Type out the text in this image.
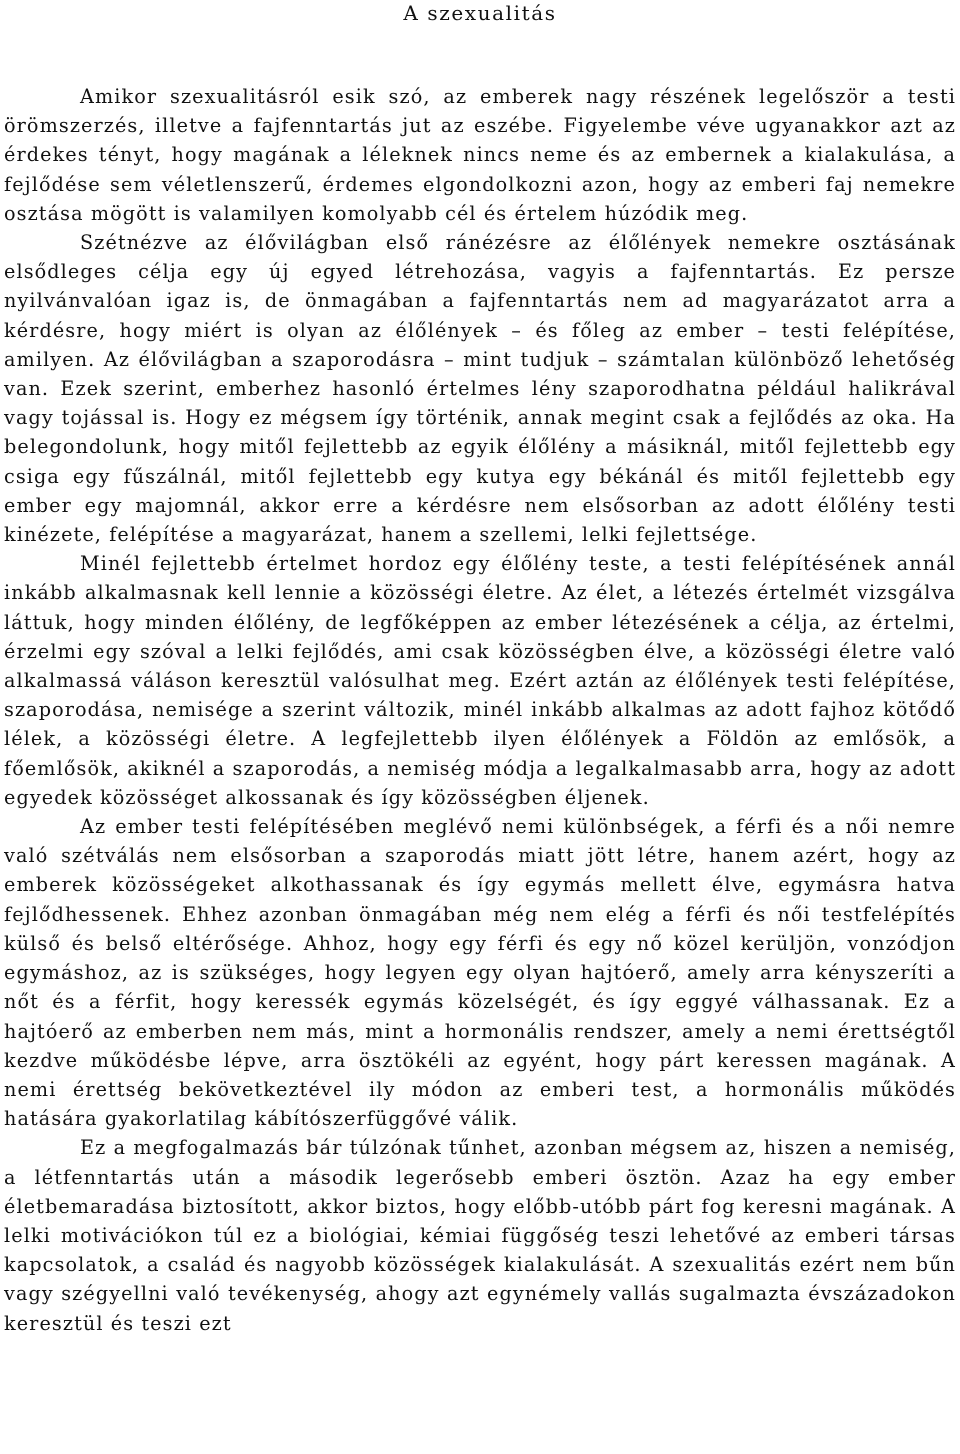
A szexualitás

Amikor szexualitásról esik szó, az emberek nagy részének legelőször a testi örömszerzés, illetve a fajfenntartás jut az eszébe. Figyelembe véve ugyanakkor azt az érdekes tényt, hogy magának a léleknek nincs neme és az embernek a kialakulása, a fejlődése sem véletlenszerű, érdemes elgondolkozni azon, hogy az emberi faj nemekre osztása mögött is valamilyen komolyabb cél és értelem húzódik meg.

Szétnézve az élővilágban első ránézésre az élőlények nemekre osztásának elsődleges célja egy új egyed létrehozása, vagyis a fajfenntartás. Ez persze nyilvánvalóan igaz is, de önmagában a fajfenntartás nem ad magyarázatot arra a kérdésre, hogy miért is olyan az élőlények – és főleg az ember – testi felépítése, amilyen. Az élővilágban a szaporodásra – mint tudjuk – számtalan különböző lehetőség van. Ezek szerint, emberhez hasonló értelmes lény szaporodhatna például halikrával vagy tojással is. Hogy ez mégsem így történik, annak megint csak a fejlődés az oka. Ha belegondolunk, hogy mitől fejlettebb az egyik élőlény a másiknál, mitől fejlettebb egy csiga egy fűszálnál, mitől fejlettebb egy kutya egy békánál és mitől fejlettebb egy ember egy majomnál, akkor erre a kérdésre nem elsősorban az adott élőlény testi kinézete, felépítése a magyarázat, hanem a szellemi, lelki fejlettsége.

Minél fejlettebb értelmet hordoz egy élőlény teste, a testi felépítésének annál inkább alkalmasnak kell lennie a közösségi életre. Az élet, a létezés értelmét vizsgálva láttuk, hogy minden élőlény, de legfőképpen az ember létezésének a célja, az értelmi, érzelmi egy szóval a lelki fejlődés, ami csak közösségben élve, a közösségi életre való alkalmassá váláson keresztül valósulhat meg. Ezért aztán az élőlények testi felépítése, szaporodása, nemisége a szerint változik, minél inkább alkalmas az adott fajhoz kötődő lélek, a közösségi életre. A legfejlettebb ilyen élőlények a Földön az emlősök, a főemlősök, akiknél a szaporodás, a nemiség módja a legalkalmasabb arra, hogy az adott egyedek közösséget alkossanak és így közösségben éljenek.

Az ember testi felépítésében meglévő nemi különbségek, a férfi és a női nemre való szétválás nem elsősorban a szaporodás miatt jött létre, hanem azért, hogy az emberek közösségeket alkothassanak és így egymás mellett élve, egymásra hatva fejlődhessenek. Ehhez azonban önmagában még nem elég a férfi és női testfelépítés külső és belső eltérősége. Ahhoz, hogy egy férfi és egy nő közel kerüljön, vonzódjon egymáshoz, az is szükséges, hogy legyen egy olyan hajtóerő, amely arra kényszeríti a nőt és a férfit, hogy keressék egymás közelségét, és így eggyé válhassanak. Ez a hajtóerő az emberben nem más, mint a hormonális rendszer, amely a nemi érettségtől kezdve működésbe lépve, arra ösztökéli az egyént, hogy párt keressen magának. A nemi érettség bekövetkeztével ily módon az emberi test, a hormonális működés hatására gyakorlatilag kábítószerfüggővé válik.

Ez a megfogalmazás bár túlzónak tűnhet, azonban mégsem az, hiszen a nemiség, a létfenntartás után a második legerősebb emberi ösztön. Azaz ha egy ember életbemaradása biztosított, akkor biztos, hogy előbb-utóbb párt fog keresni magának. A lelki motivációkon túl ez a biológiai, kémiai függőség teszi lehetővé az emberi társas kapcsolatok, a család és nagyobb közösségek kialakulását. A szexualitás ezért nem bűn vagy szégyellni való tevékenység, ahogy azt egynémely vallás sugalmazta évszázadokon keresztül és teszi ezt
